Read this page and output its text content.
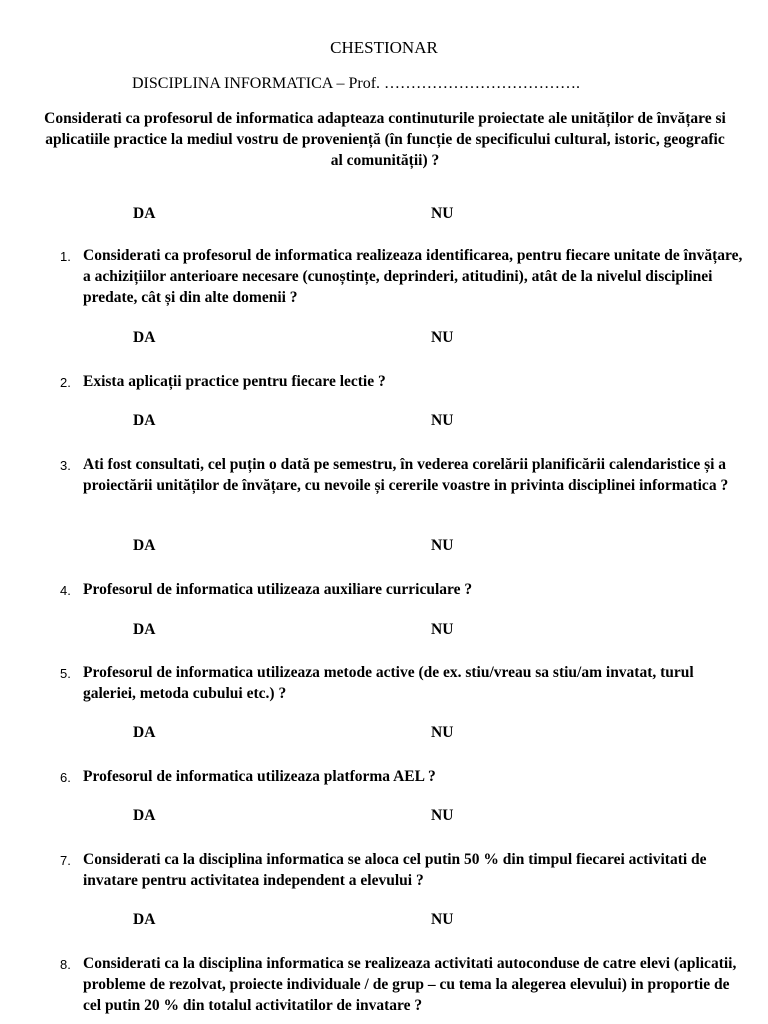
CHESTIONAR
DISCIPLINA INFORMATICA – Prof. ……………………………….
Considerati ca profesorul de informatica adapteaza continuturile proiectate ale unităților de învățare si aplicatiile practice la mediul vostru de proveniență (în funcție de specificului cultural, istoric, geografic al comunității) ?
DA	NU
1. Considerati ca profesorul de informatica realizeaza identificarea, pentru fiecare unitate de învățare, a achizițiilor anterioare necesare (cunoștințe, deprinderi, atitudini), atât de la nivelul disciplinei predate, cât și din alte domenii ?
DA	NU
2. Exista aplicații practice pentru fiecare lectie ?
DA	NU
3. Ati fost consultati, cel puțin o dată pe semestru, în vederea corelării planificării calendaristice și a proiectării unităților de învățare, cu nevoile și cererile voastre in privinta disciplinei informatica ?
DA	NU
4. Profesorul de informatica utilizeaza auxiliare curriculare ?
DA	NU
5. Profesorul de informatica utilizeaza metode active (de ex. stiu/vreau sa stiu/am invatat, turul galeriei, metoda cubului etc.) ?
DA	NU
6. Profesorul de informatica utilizeaza platforma AEL ?
DA	NU
7. Considerati ca la disciplina informatica se aloca cel putin 50 % din timpul fiecarei activitati de invatare pentru activitatea independent a elevului ?
DA	NU
8. Considerati ca la disciplina informatica se realizeaza activitati autoconduse de catre elevi (aplicatii, probleme de rezolvat, proiecte individuale / de grup – cu tema la alegerea elevului) in proportie de cel putin 20 % din totalul activitatilor de invatare ?
